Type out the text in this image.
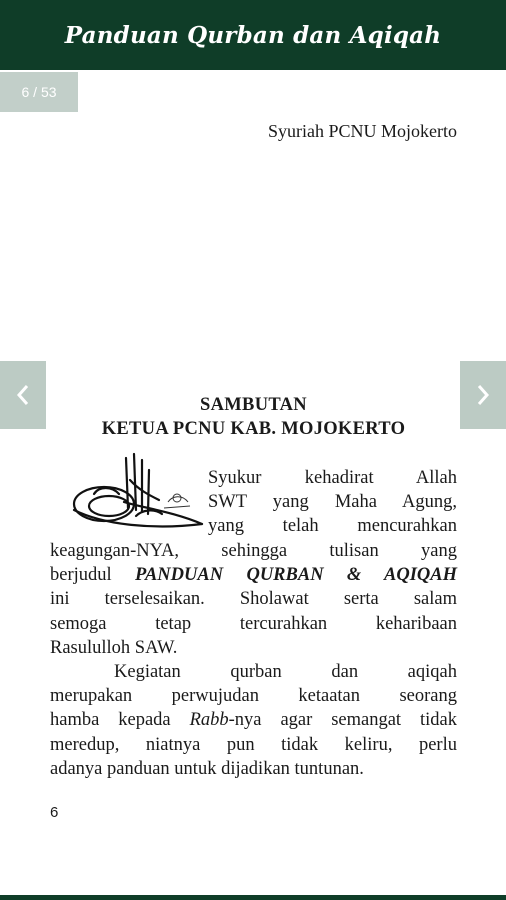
Panduan Qurban dan Aqiqah
6 / 53
Syuriah PCNU Mojokerto
SAMBUTAN
KETUA PCNU KAB. MOJOKERTO
Syukur kehadirat Allah
SWT yang Maha Agung,
yang telah mencurahkan
keagungan-NYA, sehingga tulisan yang
berjudul PANDUAN QURBAN & AQIQAH
ini terselesaikan. Sholawat serta salam
semoga tetap tercurahkan keharibaan
Rasululloh SAW.
Kegiatan qurban dan aqiqah
merupakan perwujudan ketaatan seorang
hamba kepada Rabb-nya agar semangat tidak
meredup, niatnya pun tidak keliru, perlu
adanya panduan untuk dijadikan tuntunan.
6
